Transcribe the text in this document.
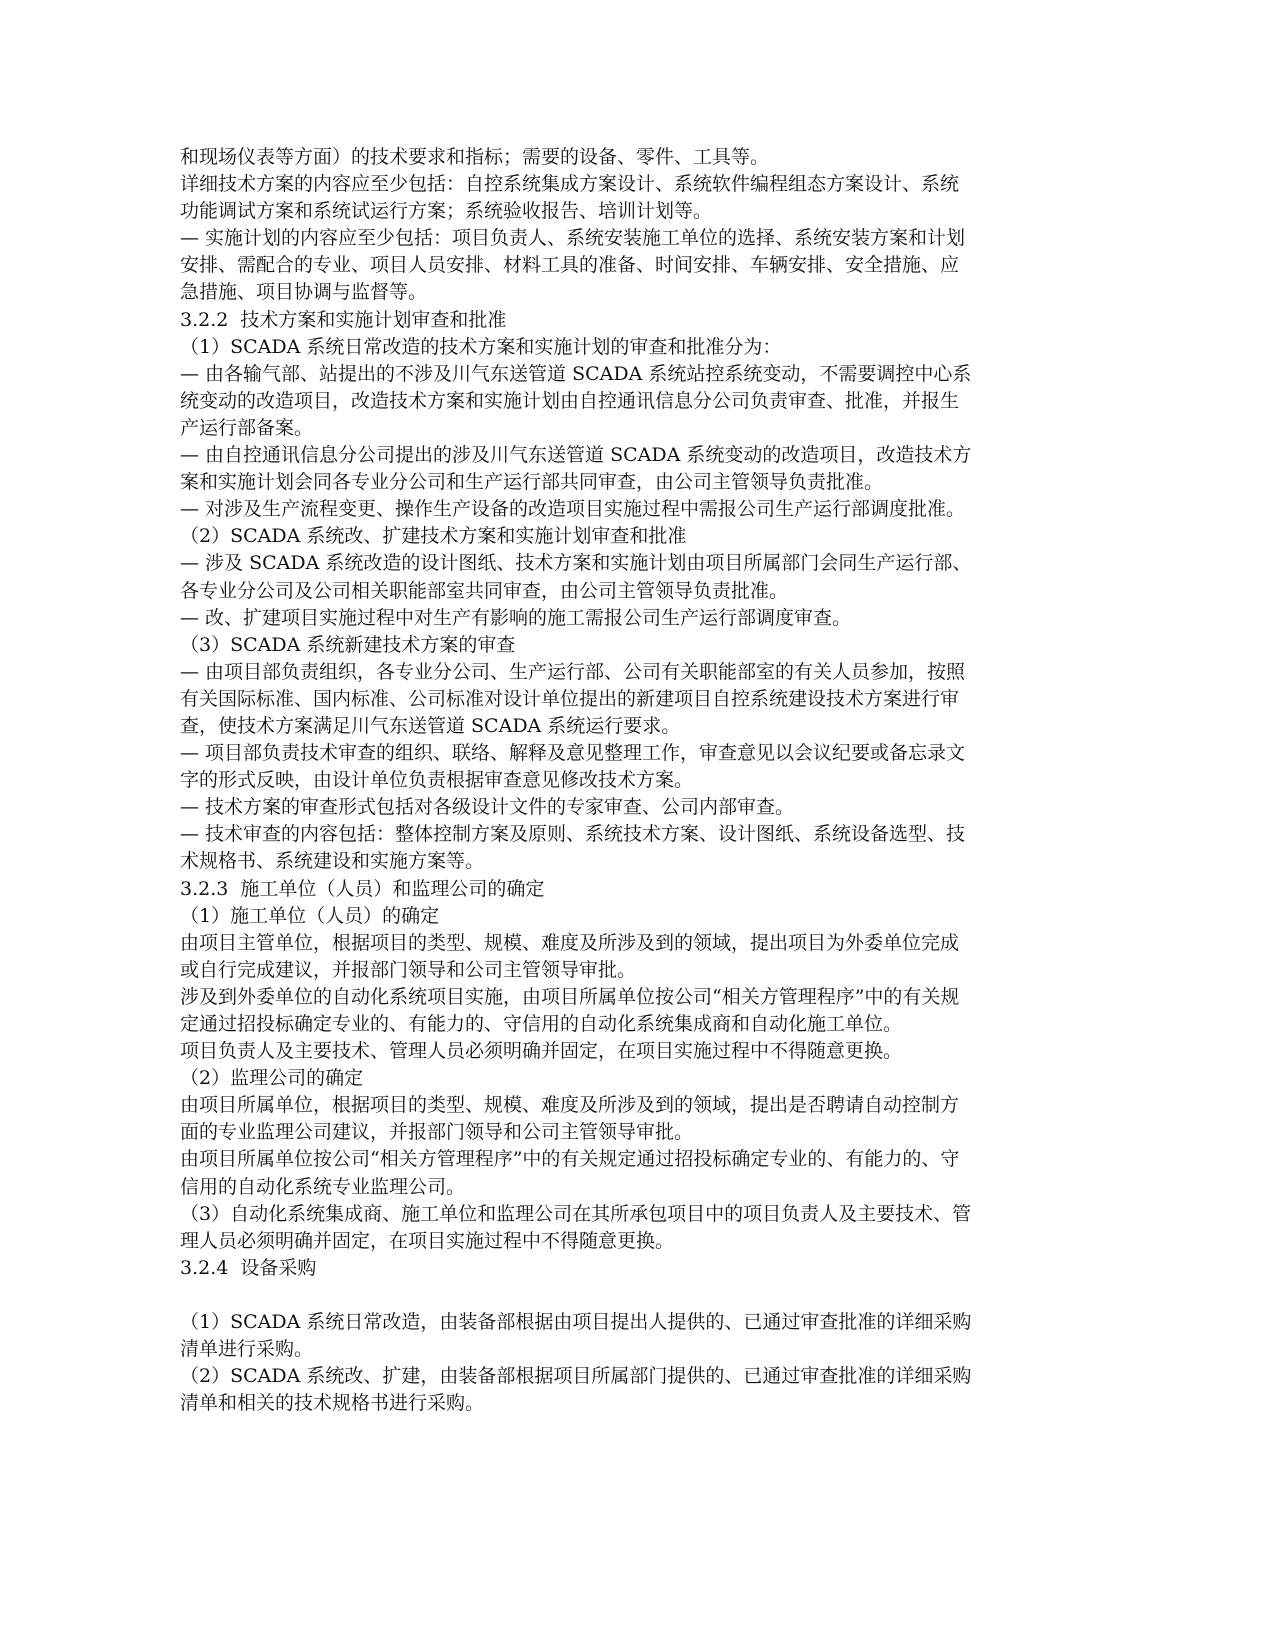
和现场仪表等方面）的技术要求和指标；需要的设备、零件、工具等。
详细技术方案的内容应至少包括：自控系统集成方案设计、系统软件编程组态方案设计、系统
功能调试方案和系统试运行方案；系统验收报告、培训计划等。
— 实施计划的内容应至少包括：项目负责人、系统安装施工单位的选择、系统安装方案和计划
安排、需配合的专业、项目人员安排、材料工具的准备、时间安排、车辆安排、安全措施、应
急措施、项目协调与监督等。
3.2.2  技术方案和实施计划审查和批准
（1）SCADA 系统日常改造的技术方案和实施计划的审查和批准分为：
— 由各输气部、站提出的不涉及川气东送管道 SCADA 系统站控系统变动，不需要调控中心系
统变动的改造项目，改造技术方案和实施计划由自控通讯信息分公司负责审查、批准，并报生
产运行部备案。
— 由自控通讯信息分公司提出的涉及川气东送管道 SCADA 系统变动的改造项目，改造技术方
案和实施计划会同各专业分公司和生产运行部共同审查，由公司主管领导负责批准。
— 对涉及生产流程变更、操作生产设备的改造项目实施过程中需报公司生产运行部调度批准。
（2）SCADA 系统改、扩建技术方案和实施计划审查和批准
— 涉及 SCADA 系统改造的设计图纸、技术方案和实施计划由项目所属部门会同生产运行部、
各专业分公司及公司相关职能部室共同审查，由公司主管领导负责批准。
— 改、扩建项目实施过程中对生产有影响的施工需报公司生产运行部调度审查。
（3）SCADA 系统新建技术方案的审查
— 由项目部负责组织，各专业分公司、生产运行部、公司有关职能部室的有关人员参加，按照
有关国际标准、国内标准、公司标准对设计单位提出的新建项目自控系统建设技术方案进行审
查，使技术方案满足川气东送管道 SCADA 系统运行要求。
— 项目部负责技术审查的组织、联络、解释及意见整理工作，审查意见以会议纪要或备忘录文
字的形式反映，由设计单位负责根据审查意见修改技术方案。
— 技术方案的审查形式包括对各级设计文件的专家审查、公司内部审查。
— 技术审查的内容包括：整体控制方案及原则、系统技术方案、设计图纸、系统设备选型、技
术规格书、系统建设和实施方案等。
3.2.3  施工单位（人员）和监理公司的确定
（1）施工单位（人员）的确定
由项目主管单位，根据项目的类型、规模、难度及所涉及到的领域，提出项目为外委单位完成
或自行完成建议，并报部门领导和公司主管领导审批。
涉及到外委单位的自动化系统项目实施，由项目所属单位按公司“相关方管理程序”中的有关规
定通过招投标确定专业的、有能力的、守信用的自动化系统集成商和自动化施工单位。
项目负责人及主要技术、管理人员必须明确并固定，在项目实施过程中不得随意更换。
（2）监理公司的确定
由项目所属单位，根据项目的类型、规模、难度及所涉及到的领域，提出是否聘请自动控制方
面的专业监理公司建议，并报部门领导和公司主管领导审批。
由项目所属单位按公司“相关方管理程序”中的有关规定通过招投标确定专业的、有能力的、守
信用的自动化系统专业监理公司。
（3）自动化系统集成商、施工单位和监理公司在其所承包项目中的项目负责人及主要技术、管
理人员必须明确并固定，在项目实施过程中不得随意更换。
3.2.4  设备采购
（1）SCADA 系统日常改造，由装备部根据由项目提出人提供的、已通过审查批准的详细采购
清单进行采购。
（2）SCADA 系统改、扩建，由装备部根据项目所属部门提供的、已通过审查批准的详细采购
清单和相关的技术规格书进行采购。
